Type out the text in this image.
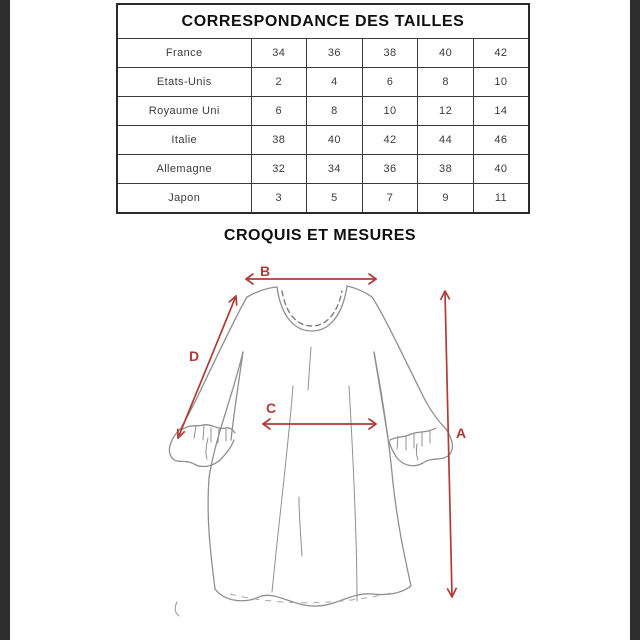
CORRESPONDANCE DES TAILLES					
France	34	36	38	40	42
Etats-Unis	2	4	6	8	10
Royaume Uni	6	8	10	12	14
Italie	38	40	42	44	46
Allemagne	32	34	36	38	40
Japon	3	5	7	9	11
CROQUIS ET MESURES
B
D
C
A
